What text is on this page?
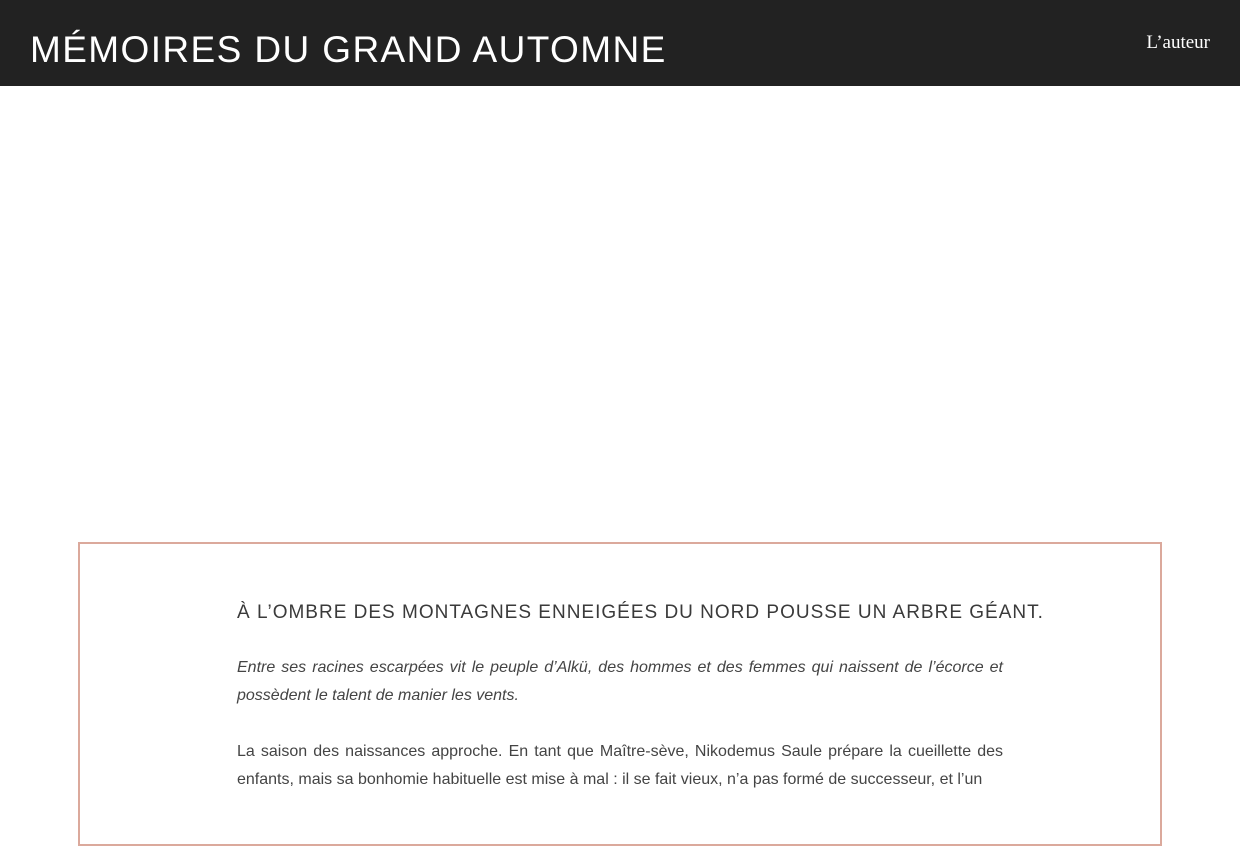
MÉMOIRES DU GRAND AUTOMNE	L’auteur
À L’OMBRE DES MONTAGNES ENNEIGÉES DU NORD POUSSE UN ARBRE GÉANT.

Entre ses racines escarpées vit le peuple d’Alkü, des hommes et des femmes qui naissent de l’écorce et possèdent le talent de manier les vents.

La saison des naissances approche. En tant que Maître-sève, Nikodemus Saule prépare la cueillette des enfants, mais sa bonhomie habituelle est mise à mal : il se fait vieux, n’a pas formé de successeur, et l’un
